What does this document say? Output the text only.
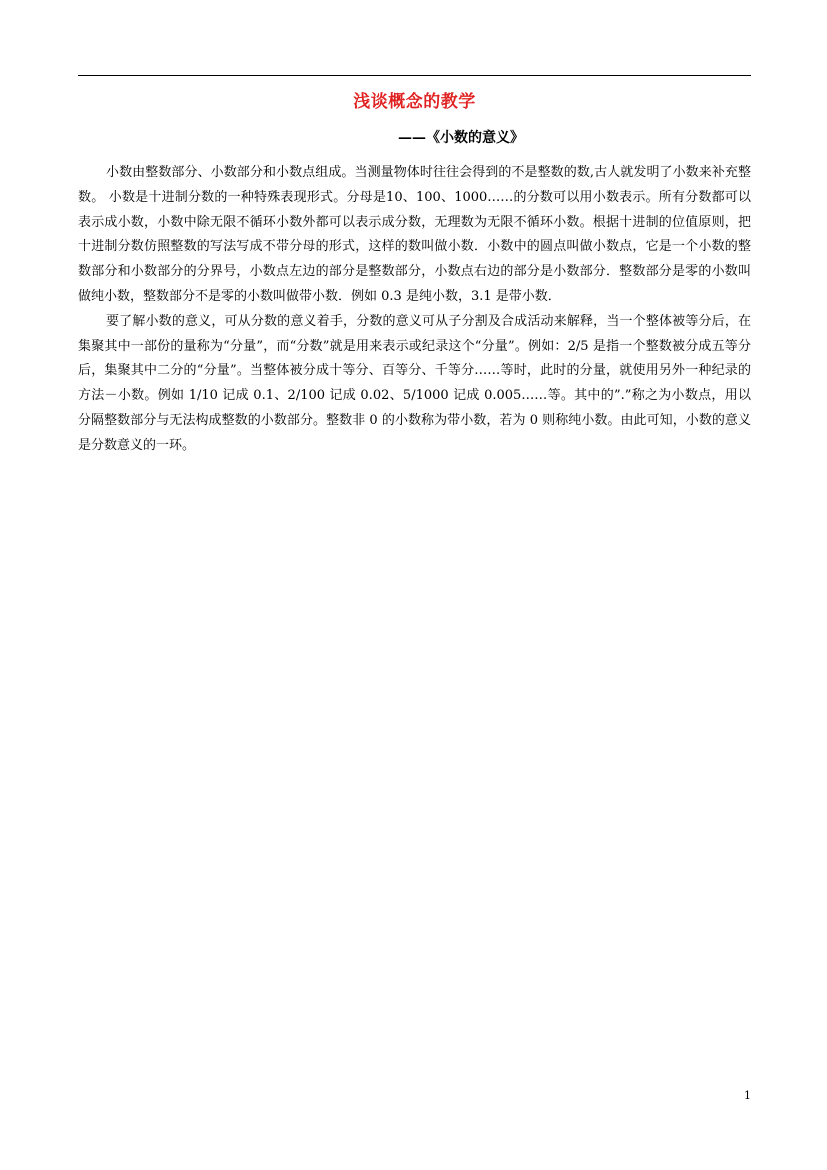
浅谈概念的教学
——《小数的意义》

小数由整数部分、小数部分和小数点组成。当测量物体时往往会得到的不是整数的数,古人就发明了小数来补充整数。 小数是十进制分数的一种特殊表现形式。分母是10、100、1000……的分数可以用小数表示。所有分数都可以表示成小数，小数中除无限不循环小数外都可以表示成分数，无理数为无限不循环小数。根据十进制的位值原则，把十进制分数仿照整数的写法写成不带分母的形式，这样的数叫做小数．小数中的圆点叫做小数点，它是一个小数的整数部分和小数部分的分界号，小数点左边的部分是整数部分，小数点右边的部分是小数部分．整数部分是零的小数叫做纯小数，整数部分不是零的小数叫做带小数．例如 0.3 是纯小数，3.1 是带小数．

要了解小数的意义，可从分数的意义着手，分数的意义可从子分割及合成活动来解释，当一个整体被等分后，在集聚其中一部份的量称为“分量”，而“分数”就是用来表示或纪录这个“分量”。例如：2/5 是指一个整数被分成五等分后，集聚其中二分的“分量”。当整体被分成十等分、百等分、千等分……等时，此时的分量，就使用另外一种纪录的方法－小数。例如 1/10 记成 0.1、2/100 记成 0.02、5/1000 记成 0.005……等。其中的”.”称之为小数点，用以分隔整数部分与无法构成整数的小数部分。整数非 0 的小数称为带小数，若为 0 则称纯小数。由此可知，小数的意义是分数意义的一环。

1
